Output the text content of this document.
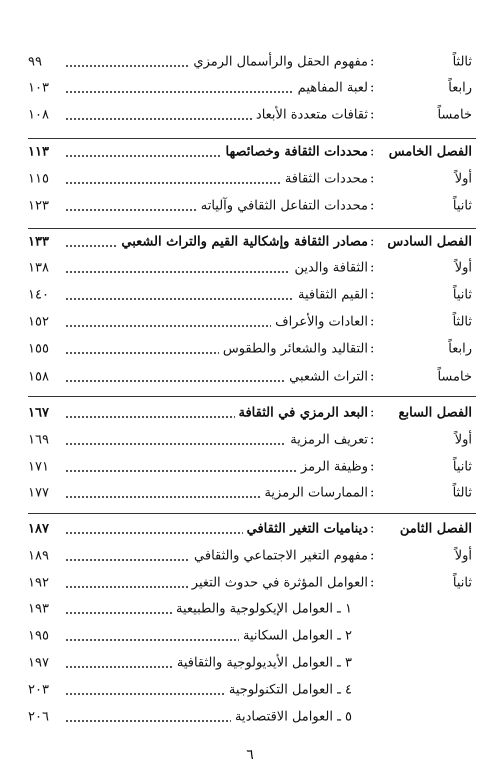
ثالثاً
:
مفهوم الحقل والرأسمال الرمزي
٩٩
رابعاً
:
لعبة المفاهيم
١٠٣
خامساً
:
ثقافات متعددة الأبعاد
١٠٨
الفصل الخامس
:
محددات الثقافة وخصائصها
١١٣
أولاً
:
محددات الثقافة
١١٥
ثانياً
:
محددات التفاعل الثقافي وآلياته
١٢٣
الفصل السادس
:
مصادر الثقافة وإشكالية القيم والتراث الشعبي
١٣٣
أولاً
:
الثقافة والدين
١٣٨
ثانياً
:
القيم الثقافية
١٤٠
ثالثاً
:
العادات والأعراف
١٥٢
رابعاً
:
التقاليد والشعائر والطقوس
١٥٥
خامساً
:
التراث الشعبي
١٥٨
الفصل السابع
:
البعد الرمزي في الثقافة
١٦٧
أولاً
:
تعريف الرمزية
١٦٩
ثانياً
:
وظيفة الرمز
١٧١
ثالثاً
:
الممارسات الرمزية
١٧٧
الفصل الثامن
:
ديناميات التغير الثقافي
١٨٧
أولاً
:
مفهوم التغير الاجتماعي والثقافي
١٨٩
ثانياً
:
العوامل المؤثرة في حدوث التغير
١٩٢
١ ـ العوامل الإيكولوجية والطبيعية
١٩٣
٢ ـ العوامل السكانية
١٩٥
٣ ـ العوامل الأيديولوجية والثقافية
١٩٧
٤ ـ العوامل التكنولوجية
٢٠٣
٥ ـ العوامل الاقتصادية
٢٠٦
٦
